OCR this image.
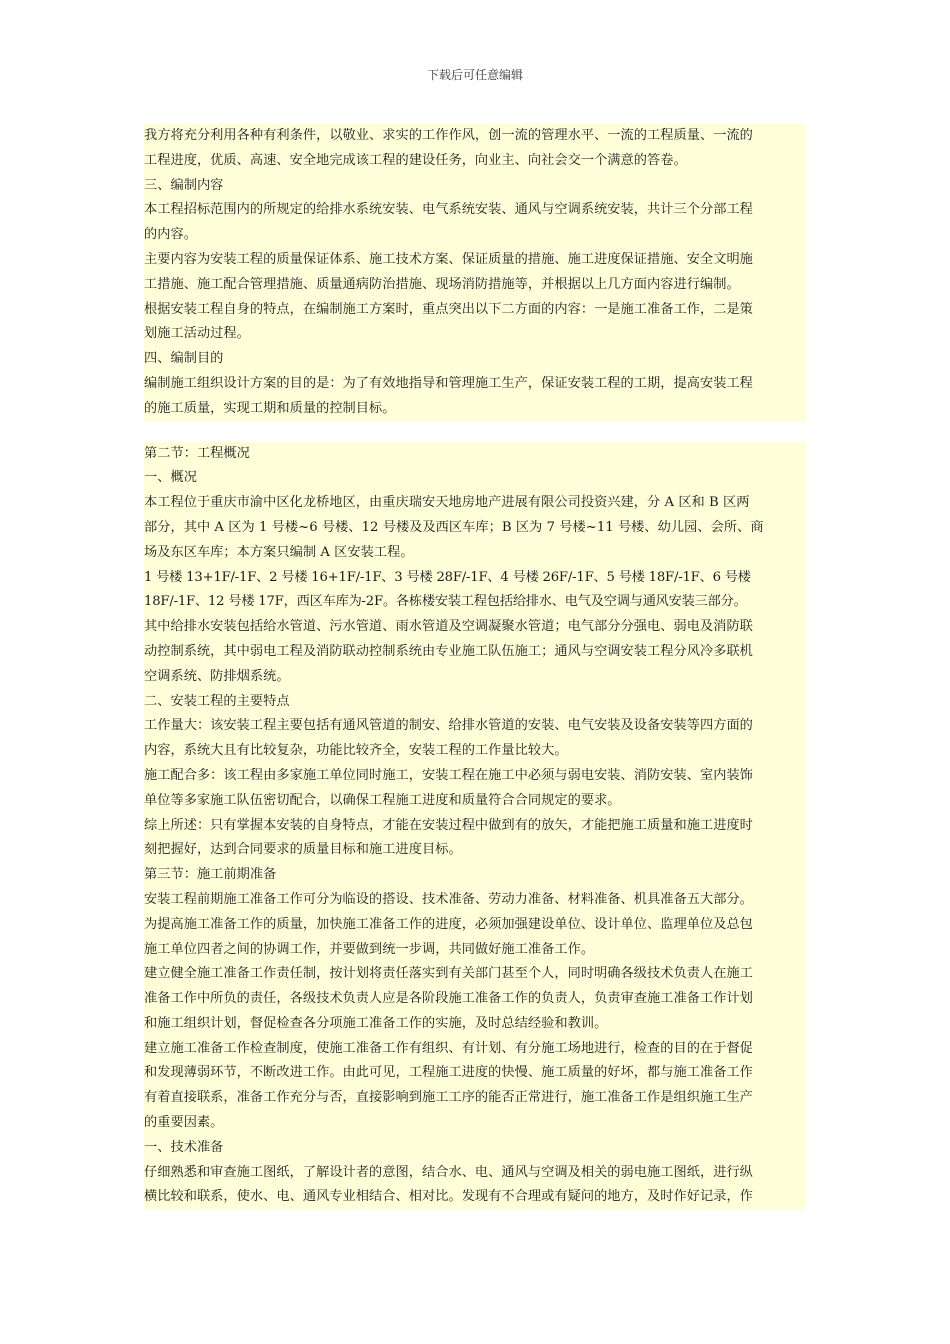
下载后可任意编辑
我方将充分利用各种有利条件，以敬业、求实的工作作风，创一流的管理水平、一流的工程质量、一流的
工程进度，优质、高速、安全地完成该工程的建设任务，向业主、向社会交一个满意的答卷。
三、编制内容
本工程招标范围内的所规定的给排水系统安装、电气系统安装、通风与空调系统安装，共计三个分部工程
的内容。
主要内容为安装工程的质量保证体系、施工技术方案、保证质量的措施、施工进度保证措施、安全文明施
工措施、施工配合管理措施、质量通病防治措施、现场消防措施等，并根据以上几方面内容进行编制。
根据安装工程自身的特点，在编制施工方案时，重点突出以下二方面的内容：一是施工准备工作，二是策
划施工活动过程。
四、编制目的
编制施工组织设计方案的目的是：为了有效地指导和管理施工生产，保证安装工程的工期，提高安装工程
的施工质量，实现工期和质量的控制目标。
第二节：工程概况
一、概况
本工程位于重庆市渝中区化龙桥地区，由重庆瑞安天地房地产进展有限公司投资兴建，分 A 区和 B 区两
部分，其中 A 区为 1 号楼~6 号楼、12 号楼及及西区车库；B 区为 7 号楼~11 号楼、幼儿园、会所、商
场及东区车库；本方案只编制 A 区安装工程。
1 号楼 13+1F/-1F、2 号楼 16+1F/-1F、3 号楼 28F/-1F、4 号楼 26F/-1F、5 号楼 18F/-1F、6 号楼
18F/-1F、12 号楼 17F，西区车库为-2F。各栋楼安装工程包括给排水、电气及空调与通风安装三部分。
其中给排水安装包括给水管道、污水管道、雨水管道及空调凝聚水管道；电气部分分强电、弱电及消防联
动控制系统，其中弱电工程及消防联动控制系统由专业施工队伍施工；通风与空调安装工程分风冷多联机
空调系统、防排烟系统。
二、安装工程的主要特点
工作量大：该安装工程主要包括有通风管道的制安、给排水管道的安装、电气安装及设备安装等四方面的
内容，系统大且有比较复杂，功能比较齐全，安装工程的工作量比较大。
施工配合多：该工程由多家施工单位同时施工，安装工程在施工中必须与弱电安装、消防安装、室内装饰
单位等多家施工队伍密切配合，以确保工程施工进度和质量符合合同规定的要求。
综上所述：只有掌握本安装的自身特点，才能在安装过程中做到有的放矢，才能把施工质量和施工进度时
刻把握好，达到合同要求的质量目标和施工进度目标。
第三节：施工前期准备
安装工程前期施工准备工作可分为临设的搭设、技术准备、劳动力准备、材料准备、机具准备五大部分。
为提高施工准备工作的质量，加快施工准备工作的进度，必须加强建设单位、设计单位、监理单位及总包
施工单位四者之间的协调工作，并要做到统一步调，共同做好施工准备工作。
建立健全施工准备工作责任制，按计划将责任落实到有关部门甚至个人，同时明确各级技术负责人在施工
准备工作中所负的责任，各级技术负责人应是各阶段施工准备工作的负责人，负责审查施工准备工作计划
和施工组织计划，督促检查各分项施工准备工作的实施，及时总结经验和教训。
建立施工准备工作检查制度，使施工准备工作有组织、有计划、有分施工场地进行，检查的目的在于督促
和发现薄弱环节，不断改进工作。由此可见，工程施工进度的快慢、施工质量的好坏，都与施工准备工作
有着直接联系，准备工作充分与否，直接影响到施工工序的能否正常进行，施工准备工作是组织施工生产
的重要因素。
一、技术准备
仔细熟悉和审查施工图纸，了解设计者的意图，结合水、电、通风与空调及相关的弱电施工图纸，进行纵
横比较和联系，使水、电、通风专业相结合、相对比。发现有不合理或有疑问的地方，及时作好记录，作
